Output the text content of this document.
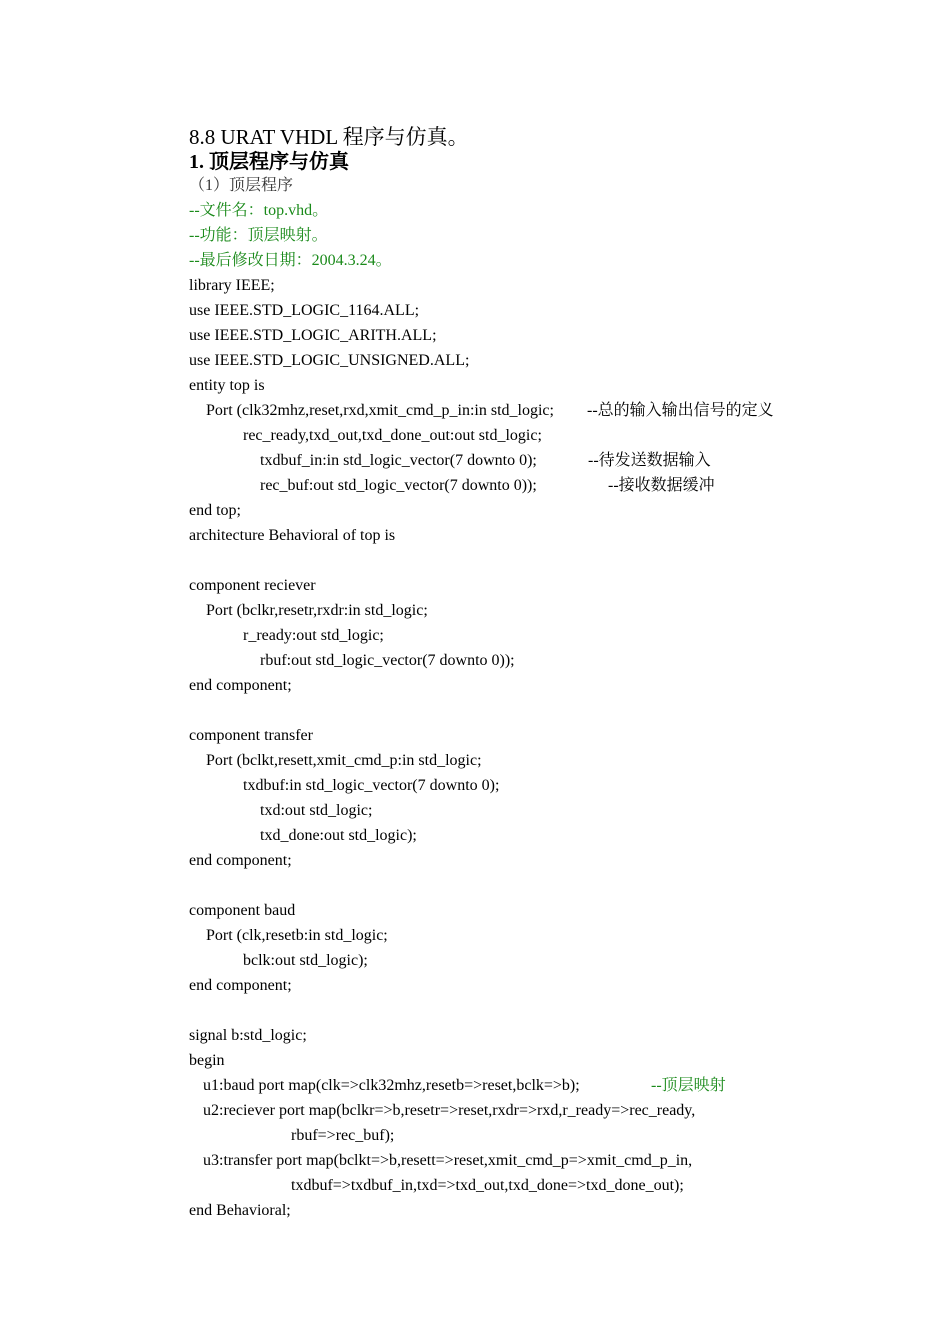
8.8 URAT VHDL 程序与仿真。
1. 顶层程序与仿真
（1）顶层程序
--文件名：top.vhd。
--功能：顶层映射。
--最后修改日期：2004.3.24。
library IEEE;
use IEEE.STD_LOGIC_1164.ALL;
use IEEE.STD_LOGIC_ARITH.ALL;
use IEEE.STD_LOGIC_UNSIGNED.ALL;
entity top is
Port (clk32mhz,reset,rxd,xmit_cmd_p_in:in std_logic; --总的输入输出信号的定义
rec_ready,txd_out,txd_done_out:out std_logic;
txdbuf_in:in std_logic_vector(7 downto 0);	--待发送数据输入
rec_buf:out std_logic_vector(7 downto 0));	--接收数据缓冲
end top;
architecture Behavioral of top is
component reciever
Port (bclkr,resetr,rxdr:in std_logic;
r_ready:out std_logic;
rbuf:out std_logic_vector(7 downto 0));
end component;
component transfer
Port (bclkt,resett,xmit_cmd_p:in std_logic;
txdbuf:in std_logic_vector(7 downto 0);
txd:out std_logic;
txd_done:out std_logic);
end component;
component baud
Port (clk,resetb:in std_logic;
bclk:out std_logic);
end component;
signal b:std_logic;
begin
u1:baud port map(clk=>clk32mhz,resetb=>reset,bclk=>b);	--顶层映射
u2:reciever port map(bclkr=>b,resetr=>reset,rxdr=>rxd,r_ready=>rec_ready,
rbuf=>rec_buf);
u3:transfer port map(bclkt=>b,resett=>reset,xmit_cmd_p=>xmit_cmd_p_in,
txdbuf=>txdbuf_in,txd=>txd_out,txd_done=>txd_done_out);
end Behavioral;
